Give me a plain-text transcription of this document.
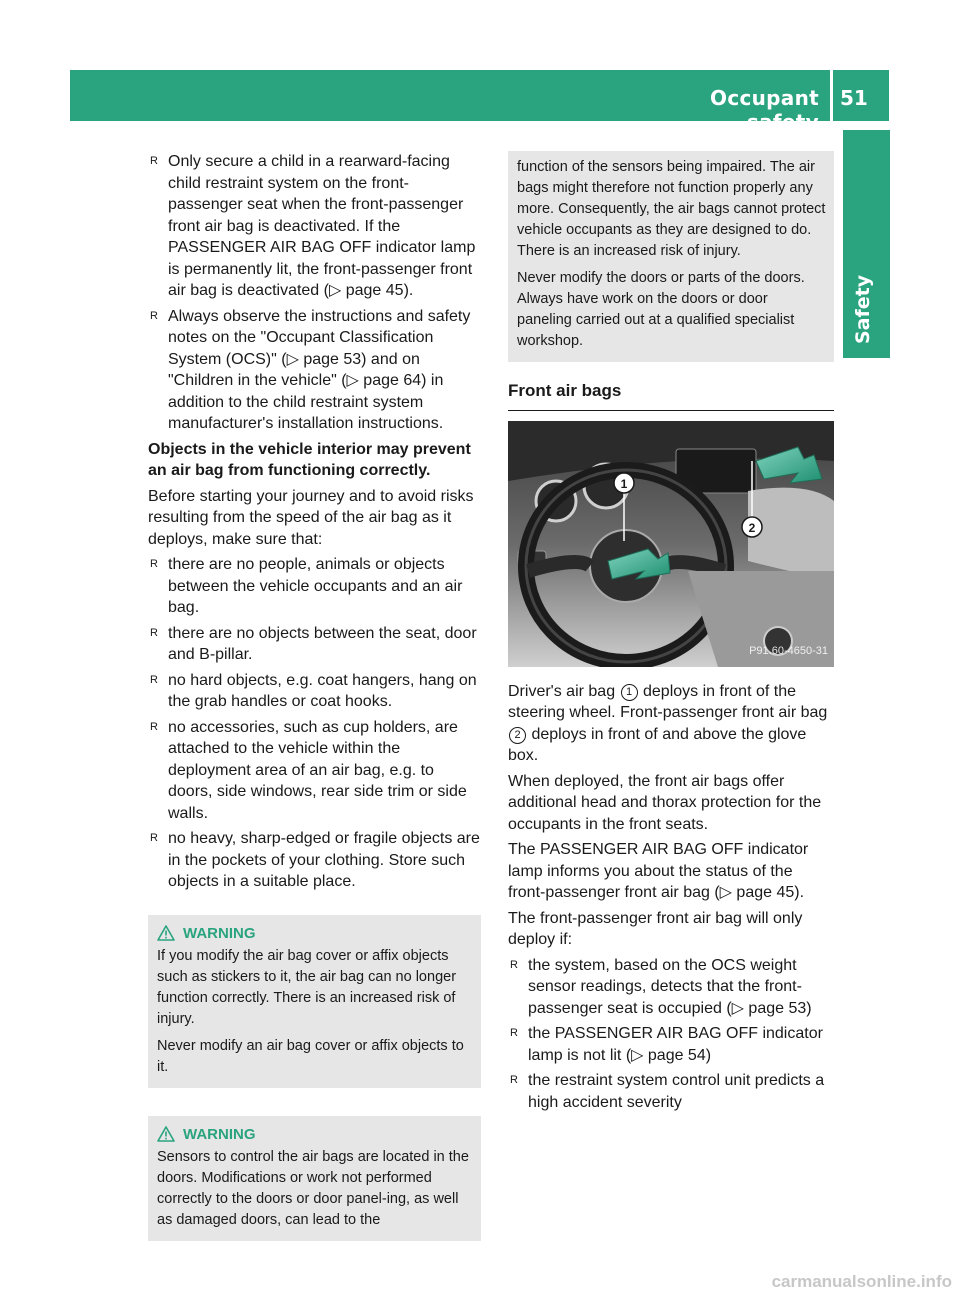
Occupant safety
51
Safety
R Only secure a child in a rearward-facing child restraint system on the front-passenger seat when the front-passenger front air bag is deactivated. If the PASSENGER AIR BAG OFF indicator lamp is permanently lit, the front-passenger front air bag is deactivated (▷ page 45).
R Always observe the instructions and safety notes on the "Occupant Classification System (OCS)" (▷ page 53) and on "Children in the vehicle" (▷ page 64) in addition to the child restraint system manufacturer's installation instructions.

Objects in the vehicle interior may prevent an air bag from functioning correctly.

Before starting your journey and to avoid risks resulting from the speed of the air bag as it deploys, make sure that:

R there are no people, animals or objects between the vehicle occupants and an air bag.
R there are no objects between the seat, door and B-pillar.
R no hard objects, e.g. coat hangers, hang on the grab handles or coat hooks.
R no accessories, such as cup holders, are attached to the vehicle within the deployment area of an air bag, e.g. to doors, side windows, rear side trim or side walls.
R no heavy, sharp-edged or fragile objects are in the pockets of your clothing. Store such objects in a suitable place.
WARNING

If you modify the air bag cover or affix objects such as stickers to it, the air bag can no longer function correctly. There is an increased risk of injury.

Never modify an air bag cover or affix objects to it.

WARNING

Sensors to control the air bags are located in the doors. Modifications or work not performed correctly to the doors or door panel-ing, as well as damaged doors, can lead to the

function of the sensors being impaired. The air bags might therefore not function properly any more. Consequently, the air bags cannot protect vehicle occupants as they are designed to do. There is an increased risk of injury.

Never modify the doors or parts of the doors. Always have work on the doors or door paneling carried out at a qualified specialist workshop.

Front air bags

1
2
P91.60-4650-31

Driver's air bag 1 deploys in front of the steering wheel. Front-passenger front air bag 2 deploys in front of and above the glove box.

When deployed, the front air bags offer additional head and thorax protection for the occupants in the front seats.

The PASSENGER AIR BAG OFF indicator lamp informs you about the status of the front-passenger front air bag (▷ page 45).

The front-passenger front air bag will only deploy if:

R the system, based on the OCS weight sensor readings, detects that the front-passenger seat is occupied (▷ page 53)
R the PASSENGER AIR BAG OFF indicator lamp is not lit (▷ page 54)
R the restraint system control unit predicts a high accident severity
carmanualsonline.info
